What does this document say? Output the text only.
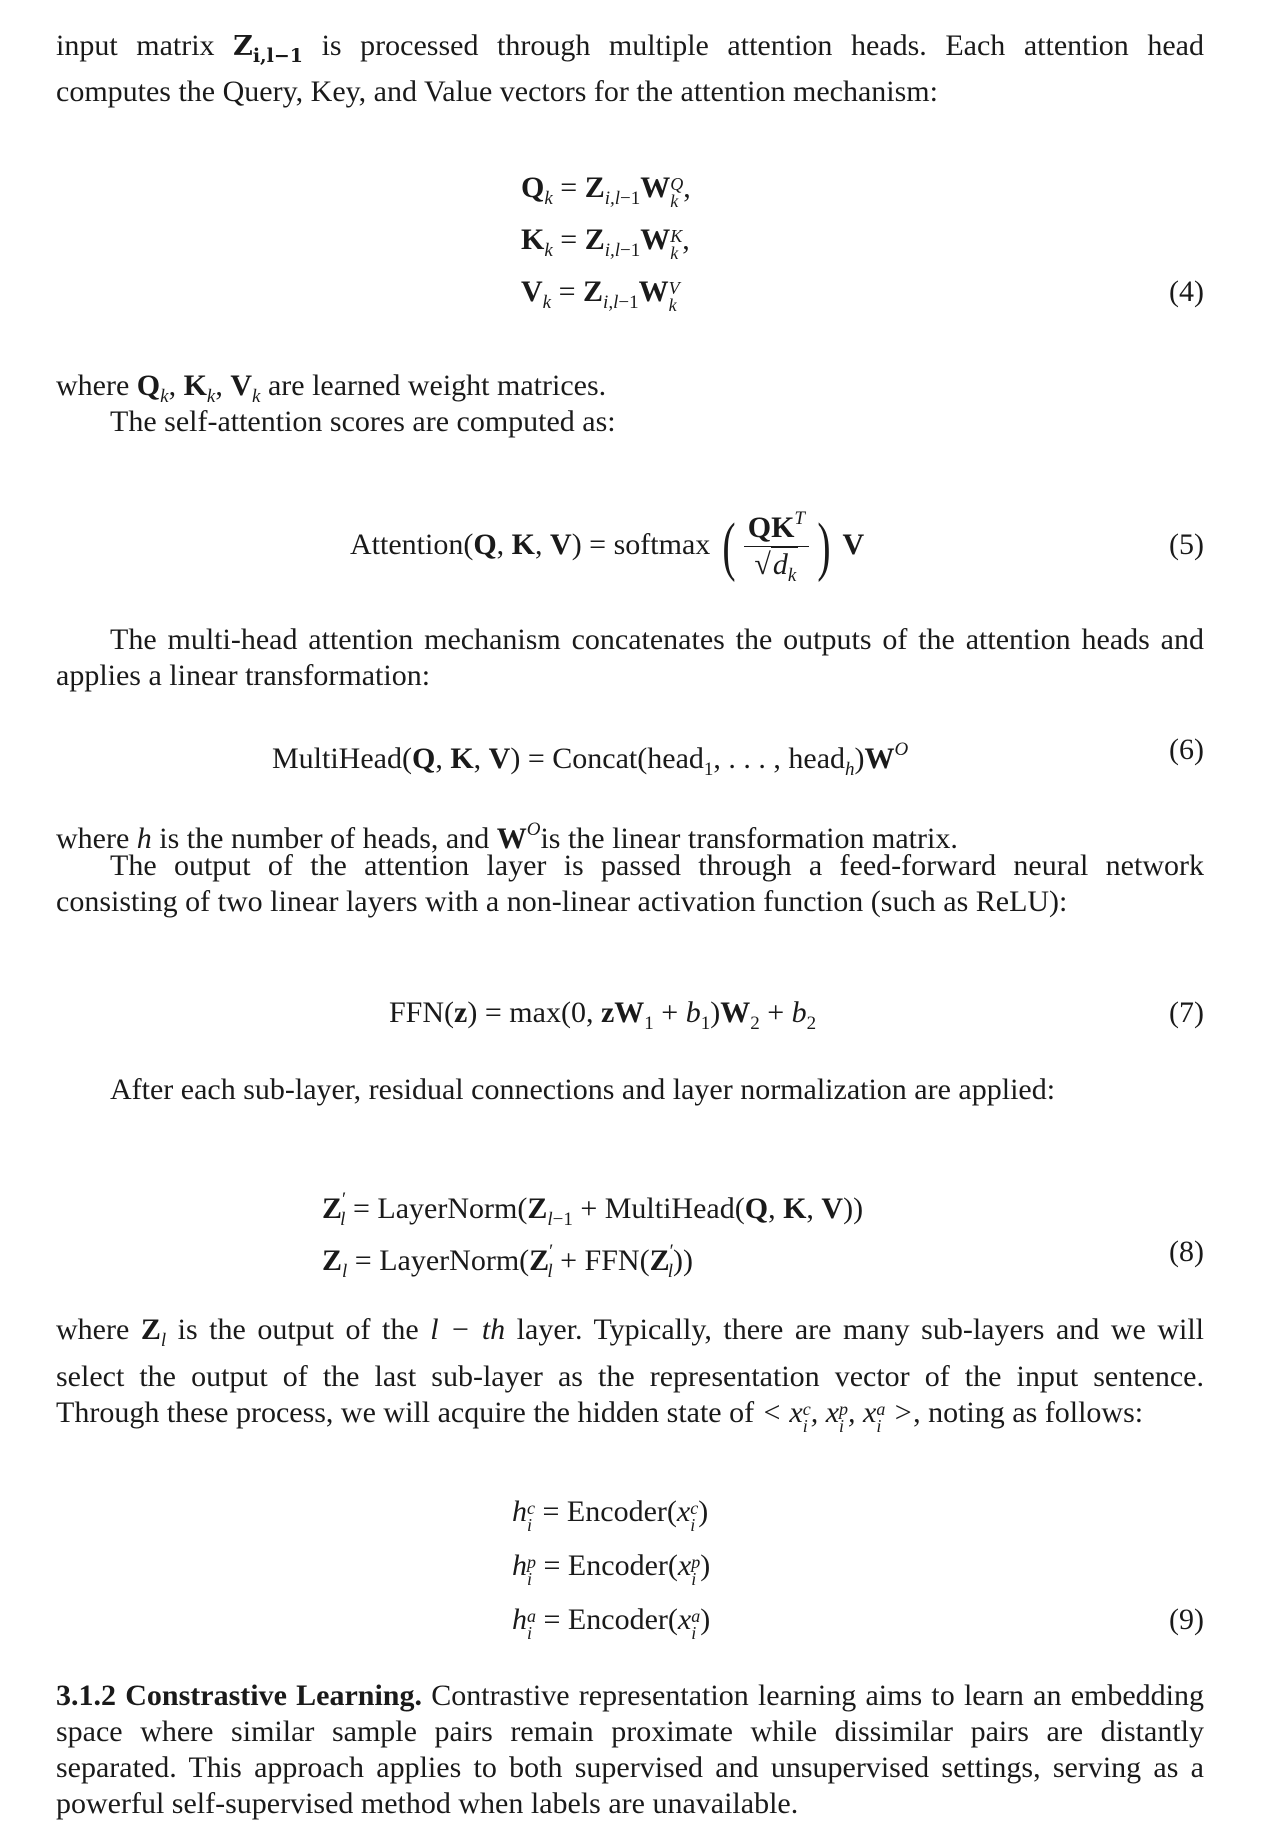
input matrix $Z_{i,l-1}$ is processed through multiple attention heads. Each attention head computes the Query, Key, and Value vectors for the attention mechanism:

$Q_k = Z_{i,l-1}W$ Q
k ,
$K_k = Z_{i,l-1}W$ K
k ,
$V_k = Z_{i,l-1}W$ V
k	(4)

where $Q_k$, $K_k$, $V_k$ are learned weight matrices.

The self-attention scores are computed as:

Attention(Q, K, V) = softmax ( $\frac{QK^T}{√d_k}$ ) V	(5)

The multi-head attention mechanism concatenates the outputs of the attention heads and applies a linear transformation:

MultiHead(Q, K, V) = Concat(head$_1$, . . . , $head_h)W^O$	(6)

where h is the number of heads, and $W^Ois$ the linear transformation matrix.

The output of the attention layer is passed through a feed-forward neural network consisting of two linear layers with a non-linear activation function (such as ReLU):

FFN(z) = max(0, $zW_1 + b_1)W_2 + b_2$	(7)

After each sub-layer, residual connections and layer normalization are applied:

$Z'_l$ = $LayerNorm(Z_{l-1}$ + MultiHead(Q, K, V))
$Z_l$ = $LayerNorm(Z'_l + FFN(Z'_l))$	(8)

where $Z_l$ is the output of the l − th layer. Typically, there are many sub-layers and we will select the output of the last sub-layer as the representation vector of the input sentence. Through these process, we will acquire the hidden state of < x c
i , x p
i , x a
i >, noting as follows:

h c
i = Encoder(x c
i )
h p
i = Encoder(x p
i )
h a
i = Encoder(x a
i )	(9)

3.1.2 Constrastive Learning. Contrastive representation learning aims to learn an embedding space where similar sample pairs remain proximate while dissimilar pairs are distantly separated. This approach applies to both supervised and unsupervised settings, serving as a powerful self-supervised method when labels are unavailable.
